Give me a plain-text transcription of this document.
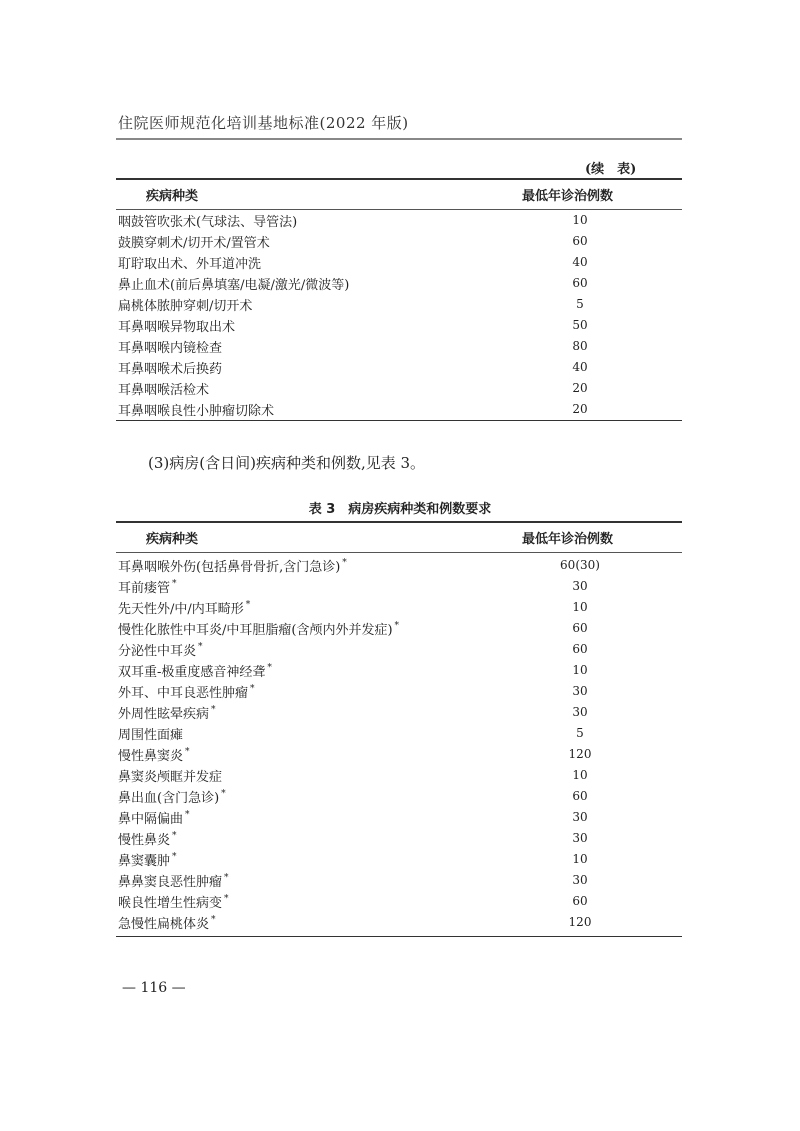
住院医师规范化培训基地标准(2022 年版)
(续　表)
疾病种类	最低年诊治例数
咽鼓管吹张术(气球法、导管法)	10
鼓膜穿刺术/切开术/置管术	60
耵聍取出术、外耳道冲洗	40
鼻止血术(前后鼻填塞/电凝/激光/微波等)	60
扁桃体脓肿穿刺/切开术	5
耳鼻咽喉异物取出术	50
耳鼻咽喉内镜检查	80
耳鼻咽喉术后换药	40
耳鼻咽喉活检术	20
耳鼻咽喉良性小肿瘤切除术	20
(3)病房(含日间)疾病种类和例数,见表 3。
表 3　病房疾病种类和例数要求
疾病种类	最低年诊治例数
耳鼻咽喉外伤(包括鼻骨骨折,含门急诊) *	60(30)
耳前瘘管 *	30
先天性外/中/内耳畸形 *	10
慢性化脓性中耳炎/中耳胆脂瘤(含颅内外并发症) *	60
分泌性中耳炎 *	60
双耳重-极重度感音神经聋 *	10
外耳、中耳良恶性肿瘤 *	30
外周性眩晕疾病 *	30
周围性面瘫	5
慢性鼻窦炎 *	120
鼻窦炎颅眶并发症	10
鼻出血(含门急诊) *	60
鼻中隔偏曲 *	30
慢性鼻炎 *	30
鼻窦囊肿 *	10
鼻鼻窦良恶性肿瘤 *	30
喉良性增生性病变 *	60
急慢性扁桃体炎 *	120
— 116 —
